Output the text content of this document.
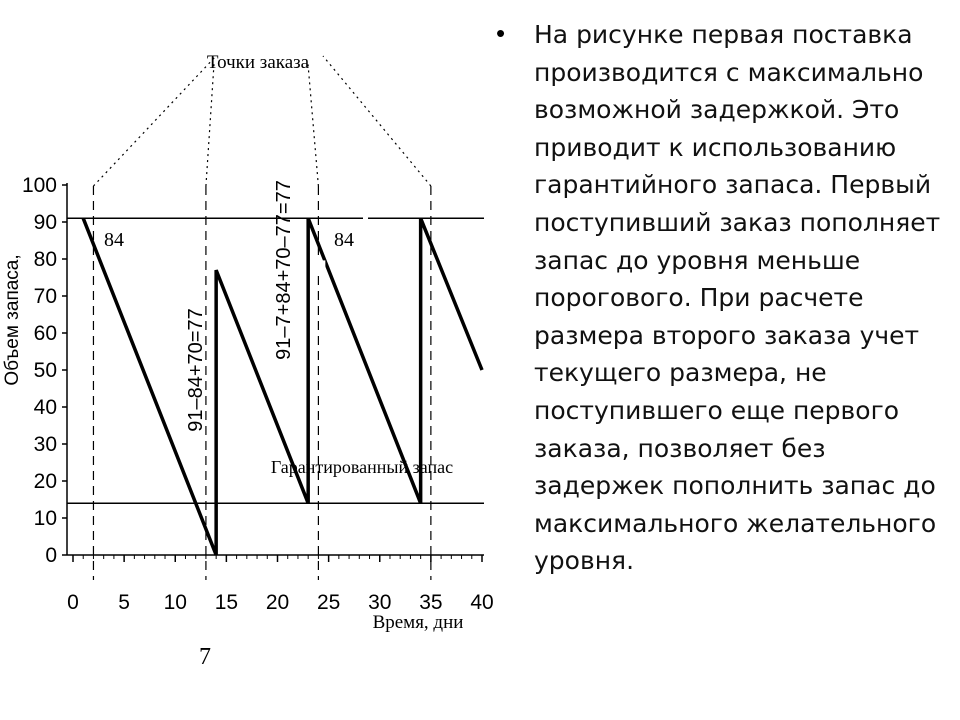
0
10
20
30
40
50
60
70
80
90
100
0 5 10 15 20 25 30 35 40
Точки заказа
Гарантированный запас
84	84
91–84+70=77
91–7+84+70–77=77
7
Объем запаса,
Время, дни
• На рисунке первая поставка производится с максимально возможной задержкой. Это приводит к использованию гарантийного запаса. Первый поступивший заказ пополняет запас до уровня меньше порогового. При расчете размера второго заказа учет текущего размера, не поступившего еще первого заказа, позволяет без задержек пополнить запас до максимального желательного уровня.
